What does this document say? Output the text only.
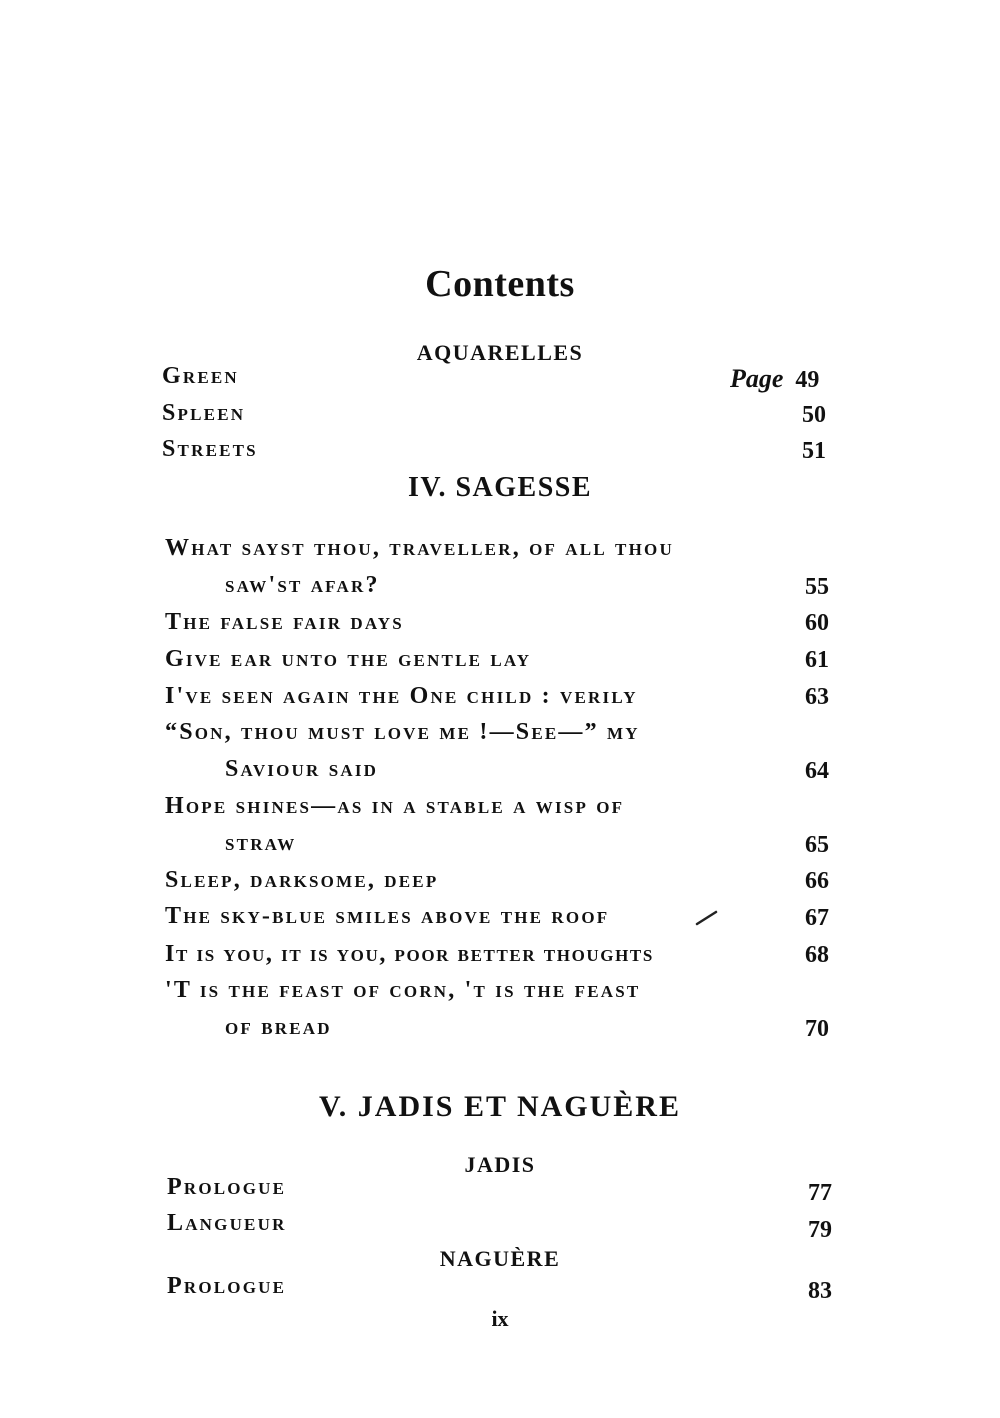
Contents
AQUARELLES
Green	Page 49
Spleen	50
Streets	51
IV. SAGESSE
What sayst thou, traveller, of all thou
saw'st afar?	55
The false fair days	60
Give ear unto the gentle lay	61
I've seen again the One child : verily	63
“Son, thou must love me !—See—” my
Saviour said	64
Hope shines—as in a stable a wisp of
straw	65
Sleep, darksome, deep	66
The sky-blue smiles above the roof	67
It is you, it is you, poor better thoughts	68
'T is the feast of corn, 't is the feast
of bread	70
V. JADIS ET NAGUÈRE
JADIS
Prologue	77
Langueur	79
NAGUÈRE
Prologue	83
ix
